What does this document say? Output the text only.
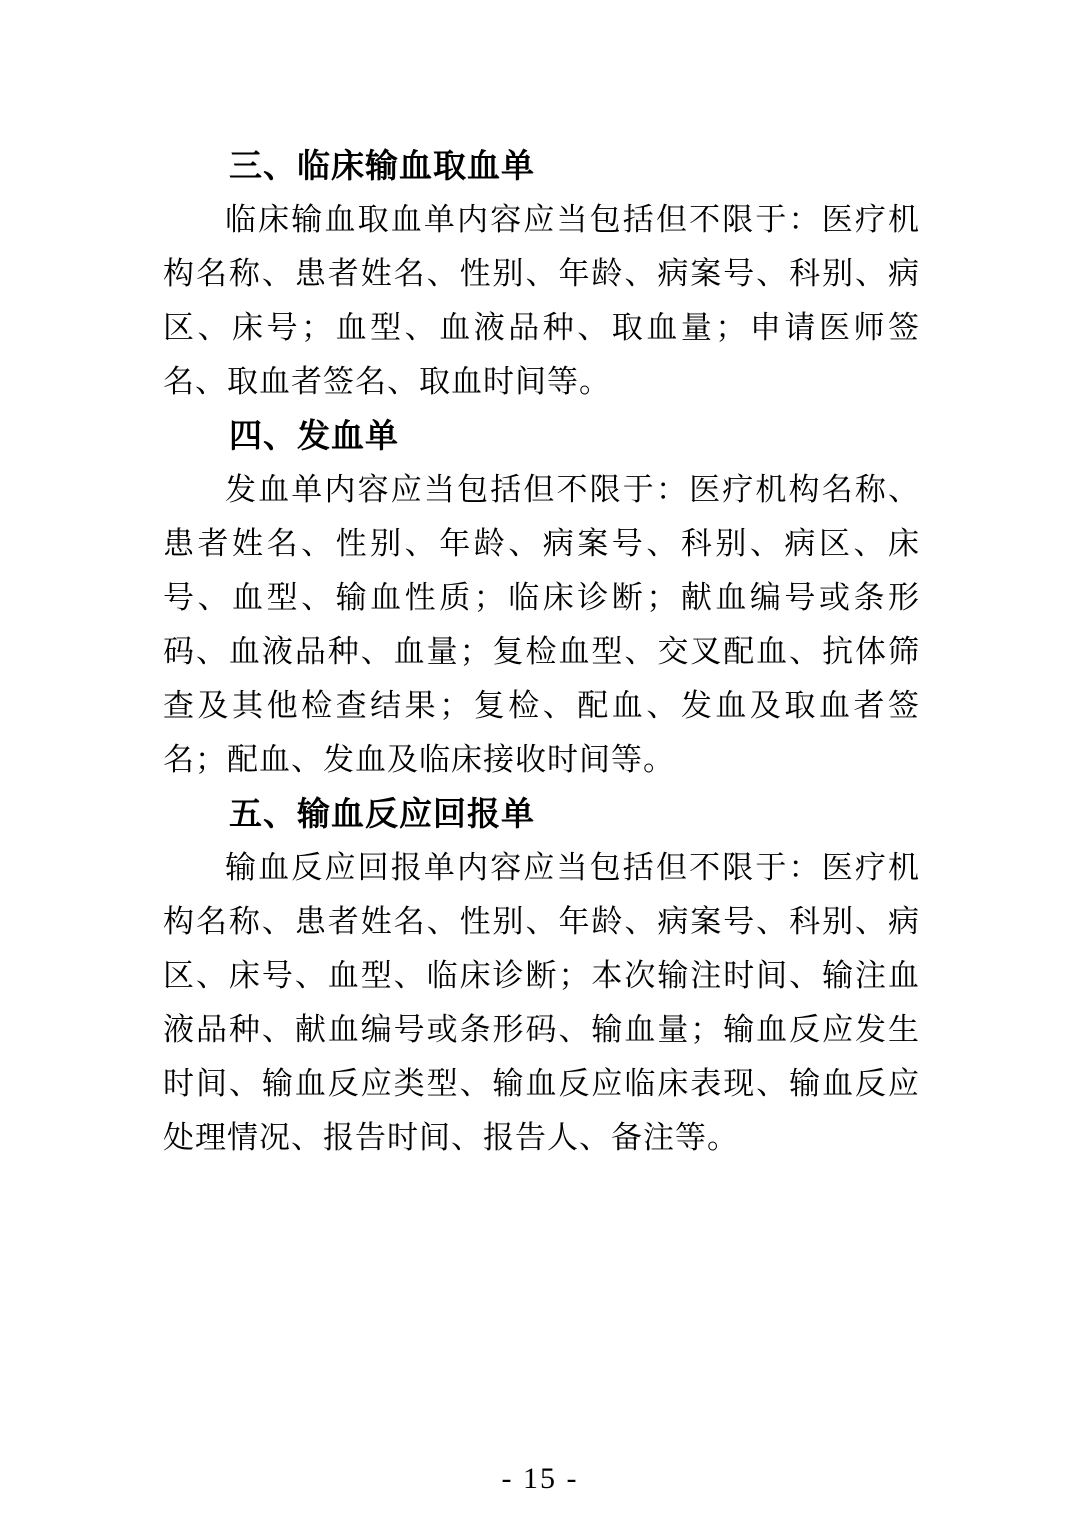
三、临床输血取血单

临床输血取血单内容应当包括但不限于：医疗机构名称、患者姓名、性别、年龄、病案号、科别、病区、床号；血型、血液品种、取血量；申请医师签名、取血者签名、取血时间等。

四、发血单

发血单内容应当包括但不限于：医疗机构名称、患者姓名、性别、年龄、病案号、科别、病区、床号、血型、输血性质；临床诊断；献血编号或条形码、血液品种、血量；复检血型、交叉配血、抗体筛查及其他检查结果；复检、配血、发血及取血者签名；配血、发血及临床接收时间等。

五、输血反应回报单

输血反应回报单内容应当包括但不限于：医疗机构名称、患者姓名、性别、年龄、病案号、科别、病区、床号、血型、临床诊断；本次输注时间、输注血液品种、献血编号或条形码、输血量；输血反应发生时间、输血反应类型、输血反应临床表现、输血反应处理情况、报告时间、报告人、备注等。

- 15 -
